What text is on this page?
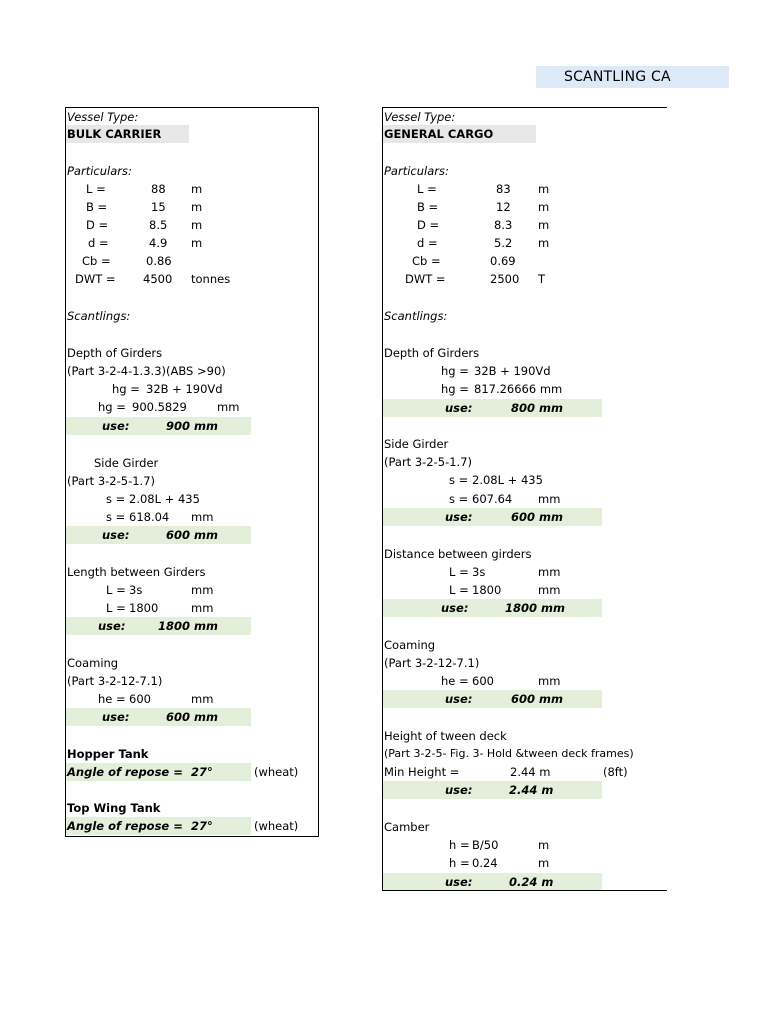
SCANTLING CA
Vessel Type:
BULK CARRIER
Particulars:
L =	88 m
B =	15 m
D =	8.5 m
d =	4.9 m
Cb =	0.86
DWT = 4500 tonnes
Scantlings:
Depth of Girders
(Part 3-2-4-1.3.3)(ABS >90)
hg = 32B + 190Vd
hg = 900.5829	mm
use:	900 mm
Side Girder
(Part 3-2-5-1.7)
s = 2.08L + 435
s = 618.04 mm
use:	600 mm
Length between Girders
L = 3s	mm
L = 1800	mm
use:	1800 mm
Coaming
(Part 3-2-12-7.1)
he = 600	mm
use:	600 mm
Hopper Tank
Angle of repose = 27°	(wheat)
Top Wing Tank
Angle of repose = 27°	(wheat)
Vessel Type:
GENERAL CARGO
Particulars:
L =	83 m
B =	12 m
D =	8.3 m
d =	5.2 m
Cb =	0.69
DWT =	2500 T
Scantlings:
Depth of Girders
hg = 32B + 190Vd
hg = 817.26666 mm
use:	800 mm
Side Girder
(Part 3-2-5-1.7)
s = 2.08L + 435
s = 607.64 mm
use:	600 mm
Distance between girders
L = 3s	mm
L = 1800	mm
use:	1800 mm
Coaming
(Part 3-2-12-7.1)
he = 600	mm
use:	600 mm
Height of tween deck
(Part 3-2-5- Fig. 3- Hold &tween deck frames)
Min Height =	2.44 m	(8ft)
use:	2.44 m
Camber
h = B/50	m
h = 0.24	m
use:	0.24 m
